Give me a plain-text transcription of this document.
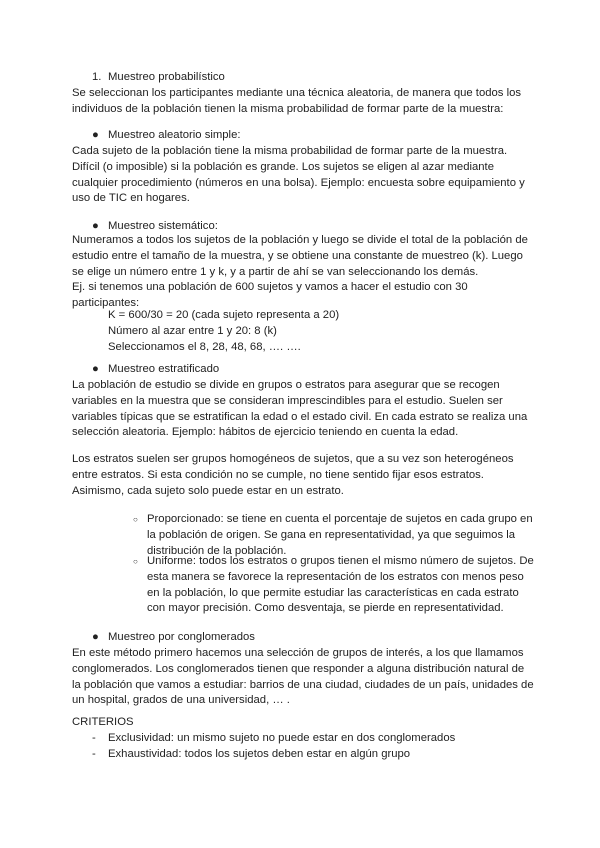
1. Muestreo probabilístico
Se seleccionan los participantes mediante una técnica aleatoria, de manera que todos los
individuos de la población tienen la misma probabilidad de formar parte de la muestra:
● Muestreo aleatorio simple:
Cada sujeto de la población tiene la misma probabilidad de formar parte de la muestra.
Difícil (o imposible) si la población es grande. Los sujetos se eligen al azar mediante
cualquier procedimiento (números en una bolsa). Ejemplo: encuesta sobre equipamiento y
uso de TIC en hogares.
● Muestreo sistemático:
Numeramos a todos los sujetos de la población y luego se divide el total de la población de
estudio entre el tamaño de la muestra, y se obtiene una constante de muestreo (k). Luego
se elige un número entre 1 y k, y a partir de ahí se van seleccionando los demás.
Ej. si tenemos una población de 600 sujetos y vamos a hacer el estudio con 30
participantes:
K = 600/30 = 20 (cada sujeto representa a 20)
Número al azar entre 1 y 20: 8 (k)
Seleccionamos el 8, 28, 48, 68, …. ….
● Muestreo estratificado
La población de estudio se divide en grupos o estratos para asegurar que se recogen
variables en la muestra que se consideran imprescindibles para el estudio. Suelen ser
variables típicas que se estratifican la edad o el estado civil. En cada estrato se realiza una
selección aleatoria. Ejemplo: hábitos de ejercicio teniendo en cuenta la edad.
Los estratos suelen ser grupos homogéneos de sujetos, que a su vez son heterogéneos
entre estratos. Si esta condición no se cumple, no tiene sentido fijar esos estratos.
Asimismo, cada sujeto solo puede estar en un estrato.
○ Proporcionado: se tiene en cuenta el porcentaje de sujetos en cada grupo en
la población de origen. Se gana en representatividad, ya que seguimos la
distribución de la población.
○ Uniforme: todos los estratos o grupos tienen el mismo número de sujetos. De
esta manera se favorece la representación de los estratos con menos peso
en la población, lo que permite estudiar las características en cada estrato
con mayor precisión. Como desventaja, se pierde en representatividad.
● Muestreo por conglomerados
En este método primero hacemos una selección de grupos de interés, a los que llamamos
conglomerados. Los conglomerados tienen que responder a alguna distribución natural de
la población que vamos a estudiar: barrios de una ciudad, ciudades de un país, unidades de
un hospital, grados de una universidad, … .
CRITERIOS
- Exclusividad: un mismo sujeto no puede estar en dos conglomerados
- Exhaustividad: todos los sujetos deben estar en algún grupo
